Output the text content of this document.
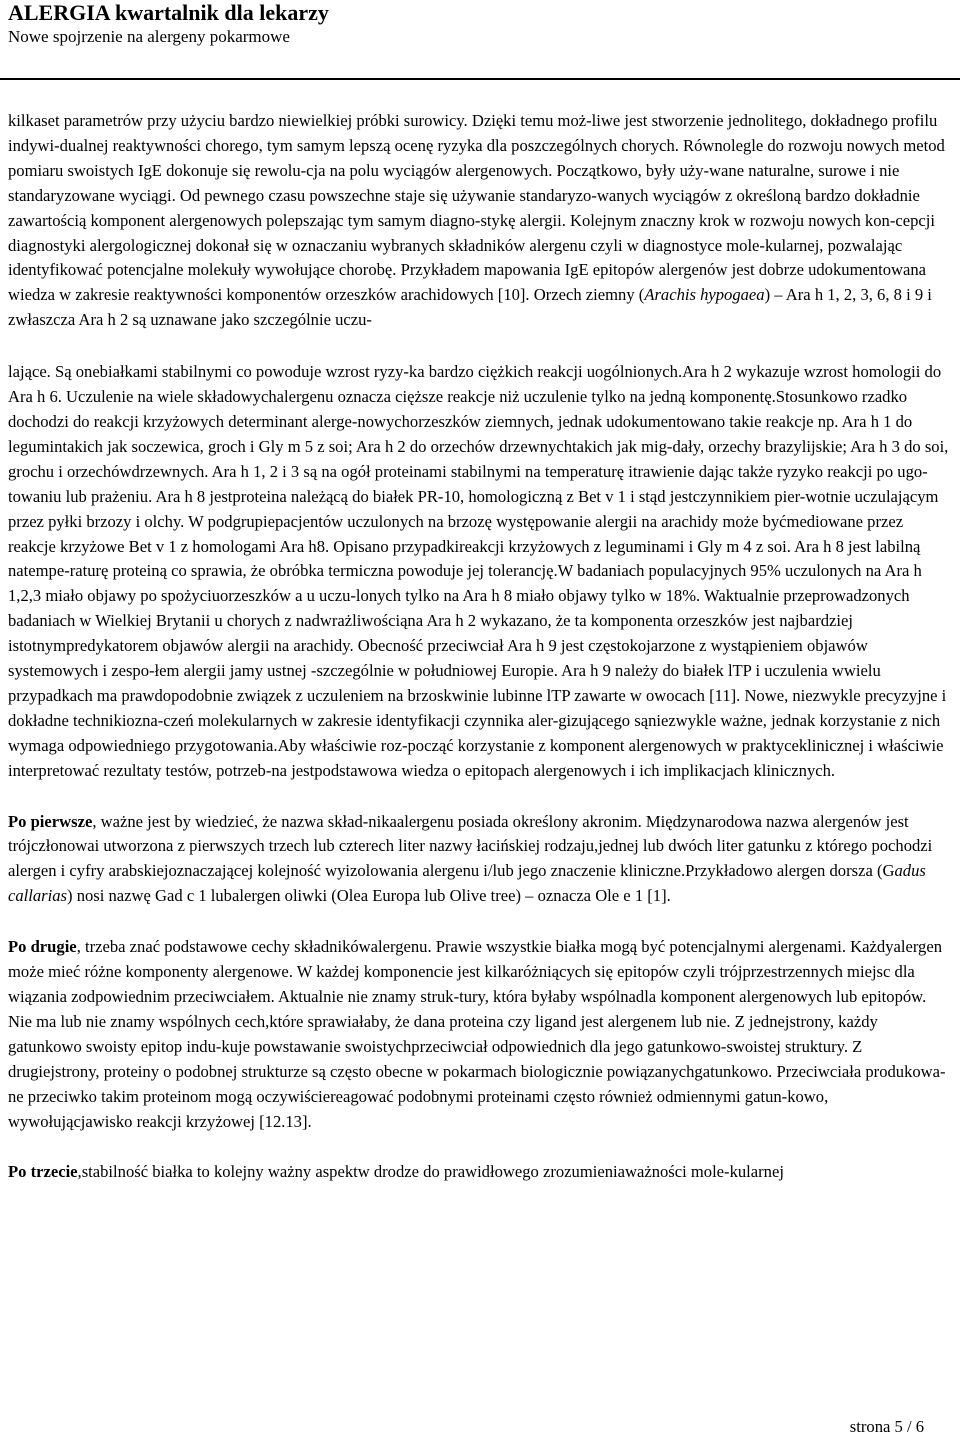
ALERGIA kwartalnik dla lekarzy
Nowe spojrzenie na alergeny pokarmowe

kilkaset parametrów przy użyciu bardzo niewielkiej próbki surowicy. Dzięki temu moż-liwe jest stworzenie jednolitego, dokładnego profilu indywi-dualnej reaktywności chorego, tym samym lepszą ocenę ryzyka dla poszczególnych chorych. Równolegle do rozwoju nowych metod pomiaru swoistych IgE dokonuje się rewolu-cja na polu wyciągów alergenowych. Początkowo, były uży-wane naturalne, surowe i nie standaryzowane wyciągi. Od pewnego czasu powszechne staje się używanie standaryzo-wanych wyciągów z określoną bardzo dokładnie zawartością komponent alergenowych polepszając tym samym diagno-stykę alergii. Kolejnym znaczny krok w rozwoju nowych kon-cepcji diagnostyki alergologicznej dokonał się w oznaczaniu wybranych składników alergenu czyli w diagnostyce mole-kularnej, pozwalając identyfikować potencjalne molekuły wywołujące chorobę. Przykładem mapowania IgE epitopów alergenów jest dobrze udokumentowana wiedza w zakresie reaktywności komponentów orzeszków arachidowych [10]. Orzech ziemny (Arachis hypogaea) – Ara h 1, 2, 3, 6, 8 i 9 i zwłaszcza Ara h 2 są uznawane jako szczególnie uczu-

lające. Są onebiałkami stabilnymi co powoduje wzrost ryzy-ka bardzo ciężkich reakcji uogólnionych.Ara h 2 wykazuje wzrost homologii do Ara h 6. Uczulenie na wiele składowychalergenu oznacza cięższe reakcje niż uczulenie tylko na jedną komponentę.Stosunkowo rzadko dochodzi do reakcji krzyżowych determinant alerge-nowychorzeszków ziemnych, jednak udokumentowano takie reakcje np. Ara h 1 do legumintakich jak soczewica, groch i Gly m 5 z soi; Ara h 2 do orzechów drzewnychtakich jak mig-dały, orzechy brazylijskie; Ara h 3 do soi, grochu i orzechówdrzewnych. Ara h 1, 2 i 3 są na ogół proteinami stabilnymi na temperaturę itrawienie dając także ryzyko reakcji po ugo-towaniu lub prażeniu. Ara h 8 jestproteina należącą do białek PR-10, homologiczną z Bet v 1 i stąd jestczynnikiem pier-wotnie uczulającym przez pyłki brzozy i olchy. W podgrupiepacjentów uczulonych na brzozę występowanie alergii na arachidy może byćmediowane przez reakcje krzyżowe Bet v 1 z homologami Ara h8. Opisano przypadkireakcji krzyżowych z leguminami i Gly m 4 z soi. Ara h 8 jest labilną natempe-raturę proteiną co sprawia, że obróbka termiczna powoduje jej tolerancję.W badaniach populacyjnych 95% uczulonych na Ara h 1,2,3 miało objawy po spożyciuorzeszków a u uczu-lonych tylko na Ara h 8 miało objawy tylko w 18%. Waktualnie przeprowadzonych badaniach w Wielkiej Brytanii u chorych z nadwrażliwościąna Ara h 2 wykazano, że ta komponenta orzeszków jest najbardziej istotnympredykatorem objawów alergii na arachidy. Obecność przeciwciał Ara h 9 jest częstokojarzone z wystąpieniem objawów systemowych i zespo-łem alergii jamy ustnej -szczególnie w południowej Europie. Ara h 9 należy do białek lTP i uczulenia wwielu przypadkach ma prawdopodobnie związek z uczuleniem na brzoskwinie lubinne lTP zawarte w owocach [11]. Nowe, niezwykle precyzyjne i dokładne technikiozna-czeń molekularnych w zakresie identyfikacji czynnika aler-gizującego sąniezwykle ważne, jednak korzystanie z nich wymaga odpowiedniego przygotowania.Aby właściwie roz-począć korzystanie z komponent alergenowych w praktyceklinicznej i właściwie interpretować rezultaty testów, potrzeb-na jestpodstawowa wiedza o epitopach alergenowych i ich implikacjach klinicznych.

Po pierwsze, ważne jest by wiedzieć, że nazwa skład-nikaalergenu posiada określony akronim. Międzynarodowa nazwa alergenów jest trójczłonowai utworzona z pierwszych trzech lub czterech liter nazwy łacińskiej rodzaju,jednej lub dwóch liter gatunku z którego pochodzi alergen i cyfry arabskiejoznaczającej kolejność wyizolowania alergenu i/lub jego znaczenie kliniczne.Przykładowo alergen dorsza (Gadus callarias) nosi nazwę Gad c 1 lubalergen oliwki (Olea Europa lub Olive tree) – oznacza Ole e 1 [1].

Po drugie, trzeba znać podstawowe cechy składnikówalergenu. Prawie wszystkie białka mogą być potencjalnymi alergenami. Każdyalergen może mieć różne komponenty alergenowe. W każdej komponencie jest kilkaróżniących się epitopów czyli trójprzestrzennych miejsc dla wiązania zodpowiednim przeciwciałem. Aktualnie nie znamy struk-tury, która byłaby wspólnadla komponent alergenowych lub epitopów. Nie ma lub nie znamy wspólnych cech,które sprawiałaby, że dana proteina czy ligand jest alergenem lub nie. Z jednejstrony, każdy gatunkowo swoisty epitop indu-kuje powstawanie swoistychprzeciwciał odpowiednich dla jego gatunkowo-swoistej struktury. Z drugiejstrony, proteiny o podobnej strukturze są często obecne w pokarmach biologicznie powiązanychgatunkowo. Przeciwciała produkowa-ne przeciwko takim proteinom mogą oczywiściereagować podobnymi proteinami często również odmiennymi gatun-kowo, wywołującjawisko reakcji krzyżowej [12.13].

Po trzecie,stabilność białka to kolejny ważny aspektw drodze do prawidłowego zrozumieniaważności mole-kularnej

strona 5 / 6
